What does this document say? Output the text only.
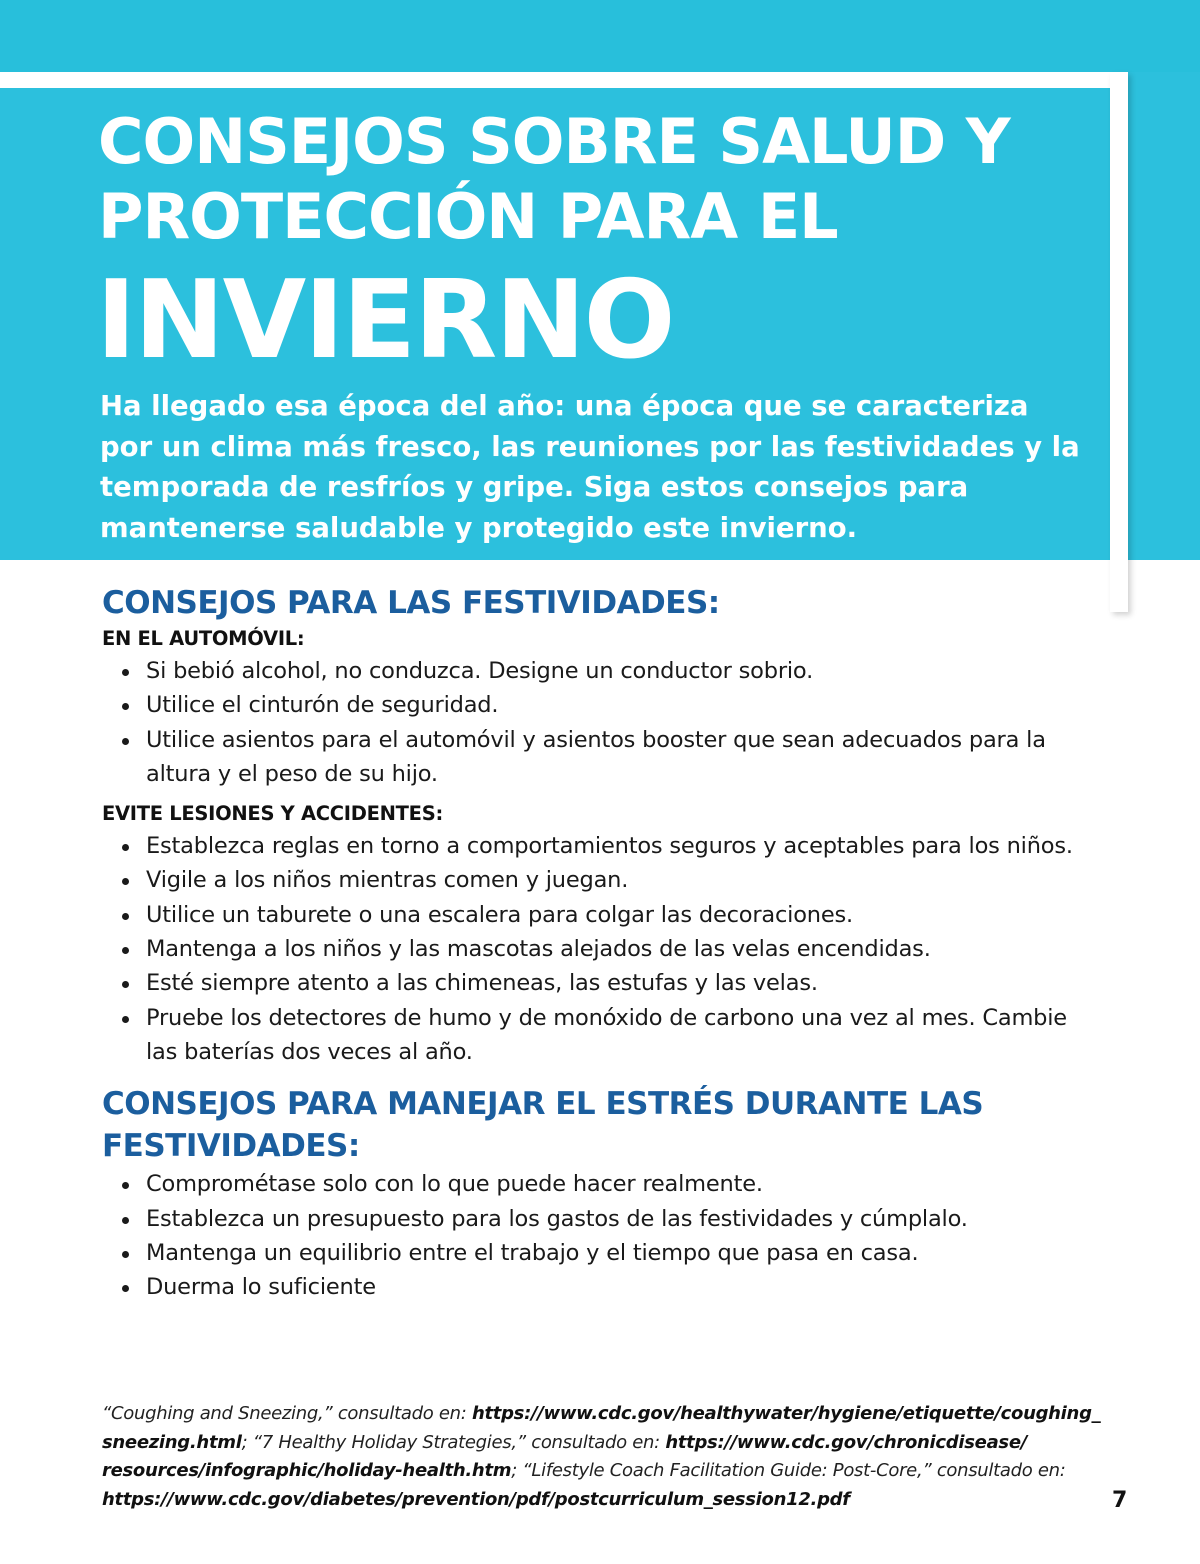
CONSEJOS SOBRE SALUD Y
PROTECCIÓN PARA EL
INVIERNO

Ha llegado esa época del año: una época que se caracteriza por un clima más fresco, las reuniones por las festividades y la temporada de resfríos y gripe. Siga estos consejos para mantenerse saludable y protegido este invierno.

CONSEJOS PARA LAS FESTIVIDADES:
EN EL AUTOMÓVIL:
Si bebió alcohol, no conduzca. Designe un conductor sobrio.
Utilice el cinturón de seguridad.
Utilice asientos para el automóvil y asientos booster que sean adecuados para la altura y el peso de su hijo.
EVITE LESIONES Y ACCIDENTES:
Establezca reglas en torno a comportamientos seguros y aceptables para los niños.
Vigile a los niños mientras comen y juegan.
Utilice un taburete o una escalera para colgar las decoraciones.
Mantenga a los niños y las mascotas alejados de las velas encendidas.
Esté siempre atento a las chimeneas, las estufas y las velas.
Pruebe los detectores de humo y de monóxido de carbono una vez al mes. Cambie las baterías dos veces al año.
CONSEJOS PARA MANEJAR EL ESTRÉS DURANTE LAS FESTIVIDADES:
Comprométase solo con lo que puede hacer realmente.
Establezca un presupuesto para los gastos de las festividades y cúmplalo.
Mantenga un equilibrio entre el trabajo y el tiempo que pasa en casa.
Duerma lo suficiente

“Coughing and Sneezing,” consultado en: https://www.cdc.gov/healthywater/hygiene/etiquette/coughing_ sneezing.html; “7 Healthy Holiday Strategies,” consultado en: https://www.cdc.gov/chronicdisease/ resources/infographic/holiday-health.htm; “Lifestyle Coach Facilitation Guide: Post-Core,” consultado en: https://www.cdc.gov/diabetes/prevention/pdf/postcurriculum_session12.pdf	7
